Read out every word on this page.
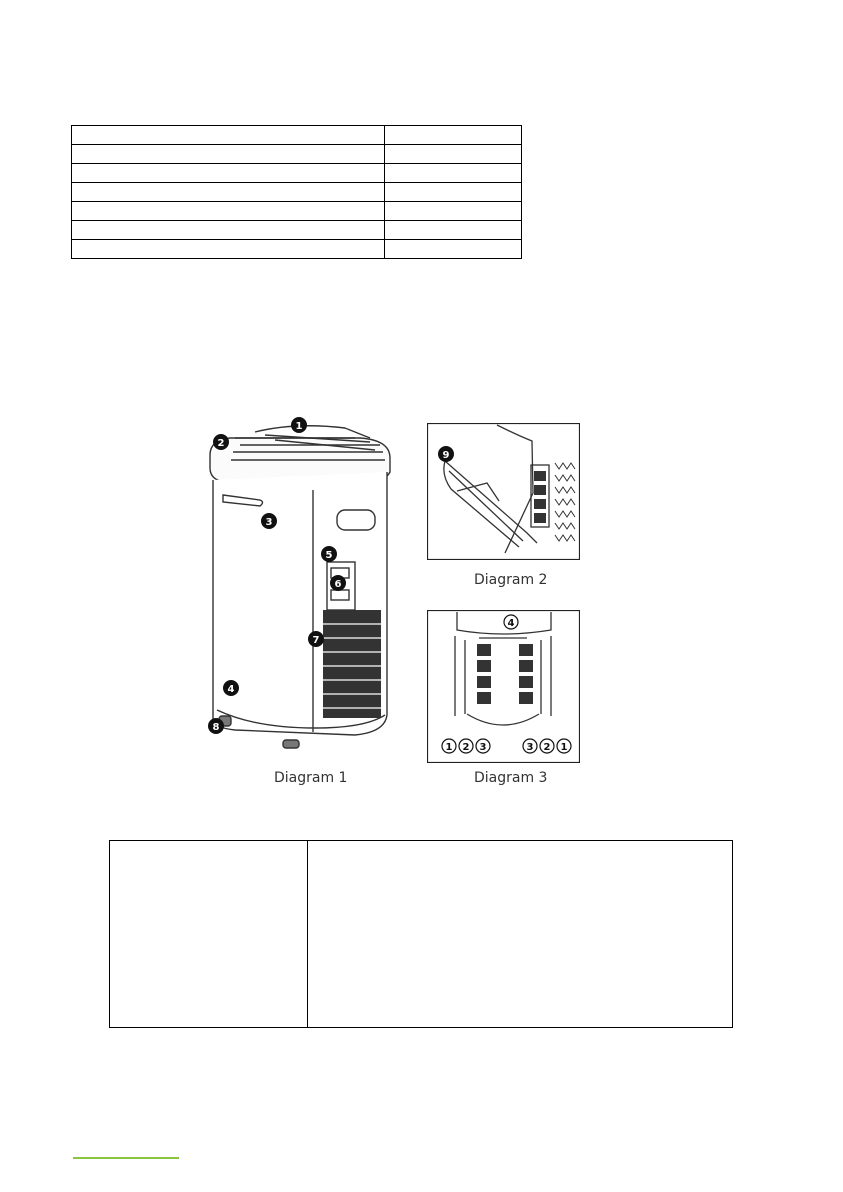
1
2
3
4
5
6
7
8
Diagram 1
9
Diagram 2
4
1 2 3	3 2 1
Diagram 3
